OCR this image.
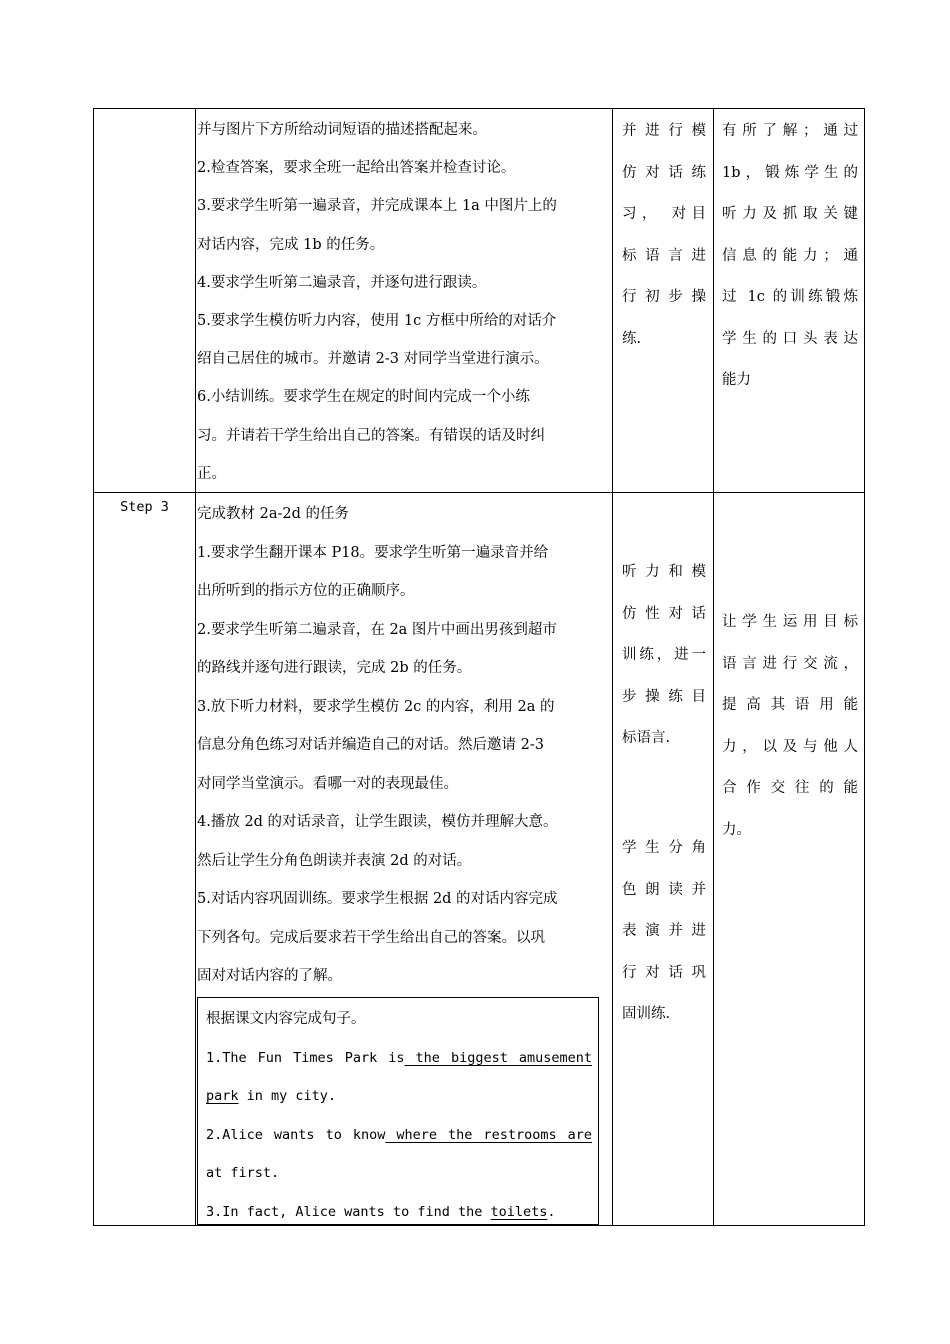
并与图片下方所给动词短语的描述搭配起来。

2.检查答案，要求全班一起给出答案并检查讨论。

3.要求学生听第一遍录音，并完成课本上 1a 中图片上的

对话内容，完成 1b 的任务。

4.要求学生听第二遍录音，并逐句进行跟读。

5.要求学生模仿听力内容，使用 1c 方框中所给的对话介

绍自己居住的城市。并邀请 2-3 对同学当堂进行演示。

6.小结训练。要求学生在规定的时间内完成一个小练

习。并请若干学生给出自己的答案。有错误的话及时纠

正。

并进行模

仿对话练

习， 对目

标语言进

行初步操

练.

有所了解；通过

1b，锻炼学生的

听力及抓取关键

信息的能力；通

过 1c 的训练锻炼

学生的口头表达

能力

Step 3	完成教材 2a-2d 的任务

1.要求学生翻开课本 P18。要求学生听第一遍录音并给

出所听到的指示方位的正确顺序。

2.要求学生听第二遍录音，在 2a 图片中画出男孩到超市

的路线并逐句进行跟读，完成 2b 的任务。

3.放下听力材料，要求学生模仿 2c 的内容，利用 2a 的

信息分角色练习对话并编造自己的对话。然后邀请 2-3

对同学当堂演示。看哪一对的表现最佳。

4.播放 2d 的对话录音，让学生跟读，模仿并理解大意。

然后让学生分角色朗读并表演 2d 的对话。

5.对话内容巩固训练。要求学生根据 2d 的对话内容完成

下列各句。完成后要求若干学生给出自己的答案。以巩

固对对话内容的了解。

听力和模

仿性对话

训练，进一

步操练目

标语言.

学生分角

色朗读并

表演并进

行对话巩

固训练.

让学生运用目标

语言进行交流，

提高其语用能

力，以及与他人

合作交往的能

力。

根据课文内容完成句子。

1.The Fun Times Park is the biggest amusement

park in my city.

2.Alice wants to know where the restrooms are

at first.

3.In fact, Alice wants to find the toilets.
